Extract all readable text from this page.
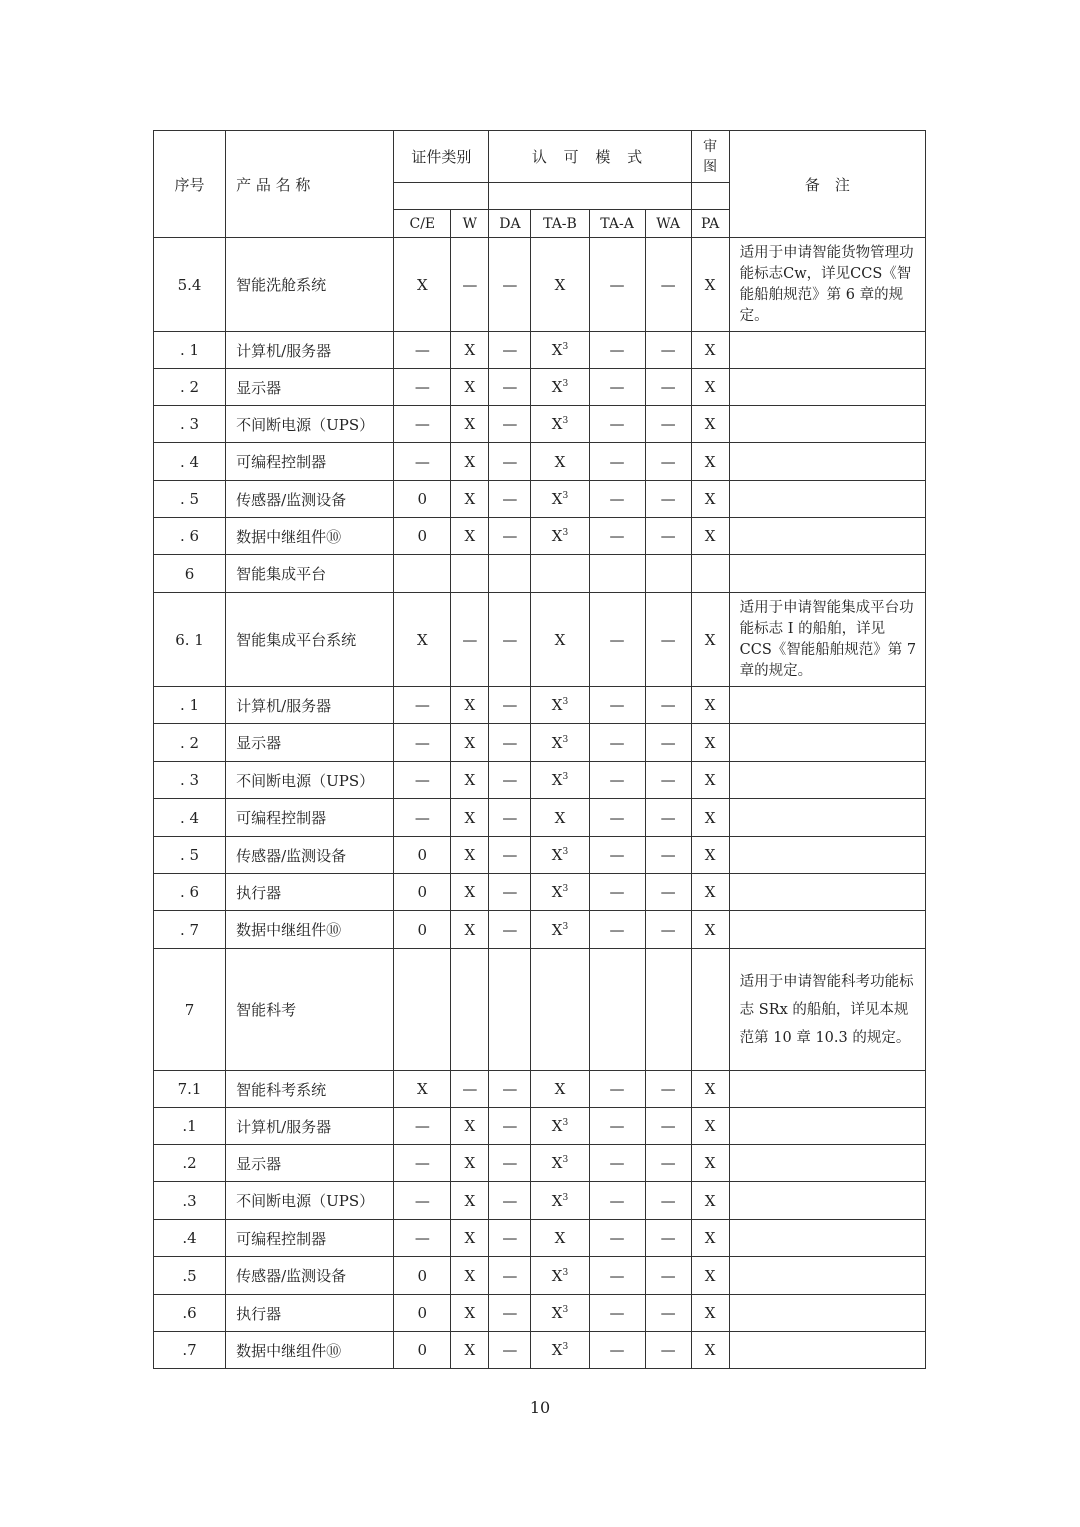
序号	产 品 名 称	证件类别		认 可 模 式				审图	备　注

		C/E	W	DA	TA-B	TA-A	WA	PA	
5.4	智能洗舱系统	X	—	—	X	—	—	X	适用于申请智能货物管理功能标志Cw，详见CCS《智能船舶规范》第 6 章的规定。
. 1	计算机/服务器	—	X	—	$X^3$	—	—	X	
. 2	显示器	—	X	—	$X^3$	—	—	X	
. 3	不间断电源（UPS）	—	X	—	$X^3$	—	—	X	
. 4	可编程控制器	—	X	—	X	—	—	X	
. 5	传感器/监测设备	0	X	—	$X^3$	—	—	X	
. 6	数据中继组件⑩	0	X	—	$X^3$	—	—	X	
6	智能集成平台								
6. 1	智能集成平台系统	X	—	—	X	—	—	X	适用于申请智能集成平台功能标志 I 的船舶，详见 CCS《智能船舶规范》第 7 章的规定。
. 1	计算机/服务器	—	X	—	$X^3$	—	—	X	
. 2	显示器	—	X	—	$X^3$	—	—	X	
. 3	不间断电源（UPS）	—	X	—	$X^3$	—	—	X	
. 4	可编程控制器	—	X	—	X	—	—	X	
. 5	传感器/监测设备	0	X	—	$X^3$	—	—	X	
. 6	执行器	0	X	—	$X^3$	—	—	X	
. 7	数据中继组件⑩	0	X	—	$X^3$	—	—	X	
7	智能科考								适用于申请智能科考功能标志 SRx 的船舶，详见本规范第 10 章 10.3 的规定。
7.1	智能科考系统	X	—	—	X	—	—	X	
.1	计算机/服务器	—	X	—	$X^3$	—	—	X	
.2	显示器	—	X	—	$X^3$	—	—	X	
.3	不间断电源（UPS）	—	X	—	$X^3$	—	—	X	
.4	可编程控制器	—	X	—	X	—	—	X	
.5	传感器/监测设备	0	X	—	$X^3$	—	—	X	
.6	执行器	0	X	—	$X^3$	—	—	X	
.7	数据中继组件⑩	0	X	—	$X^3$	—	—	X	
10
